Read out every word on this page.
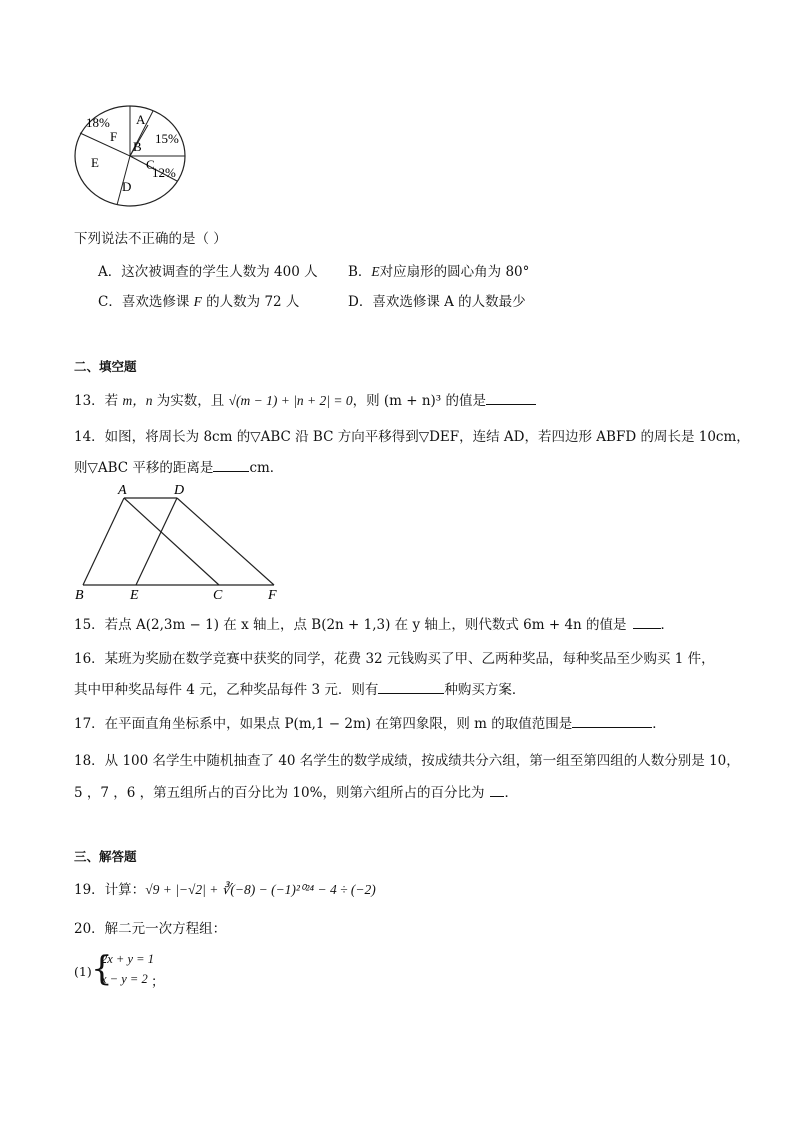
18%
F
A
B
15%
C
12%
E
D
下列说法不正确的是（ ）
A．这次被调查的学生人数为 400 人 B．E对应扇形的圆心角为 80°
C．喜欢选修课 F 的人数为 72 人	D．喜欢选修课 A 的人数最少
二、填空题
13．若 m，n 为实数，且 √(m − 1) + |n + 2| = 0，则 (m + n)³ 的值是
14．如图，将周长为 8cm 的▽ABC 沿 BC 方向平移得到▽DEF，连结 AD，若四边形 ABFD 的周长是 10cm，
则▽ABC 平移的距离是	cm．
A	D
B	E	C	F
15．若点 A(2,3m − 1) 在 x 轴上，点 B(2n + 1,3) 在 y 轴上，则代数式 6m + 4n 的值是	．
16．某班为奖励在数学竞赛中获奖的同学，花费 32 元钱购买了甲、乙两种奖品，每种奖品至少购买 1 件，
其中甲种奖品每件 4 元，乙种奖品每件 3 元．则有	种购买方案．
17．在平面直角坐标系中，如果点 P(m,1 − 2m) 在第四象限，则 m 的取值范围是	．
18．从 100 名学生中随机抽查了 40 名学生的数学成绩，按成绩共分六组，第一组至第四组的人数分别是 10，
5 ，7 ，6 ，第五组所占的百分比为 10%，则第六组所占的百分比为 ．
三、解答题
19．计算：√9 + |−√2| + ∛(−8) − (−1)²⁰²⁴ − 4 ÷ (−2)
20．解二元一次方程组：
(1) {
2x + y = 1
x − y = 2 ；
